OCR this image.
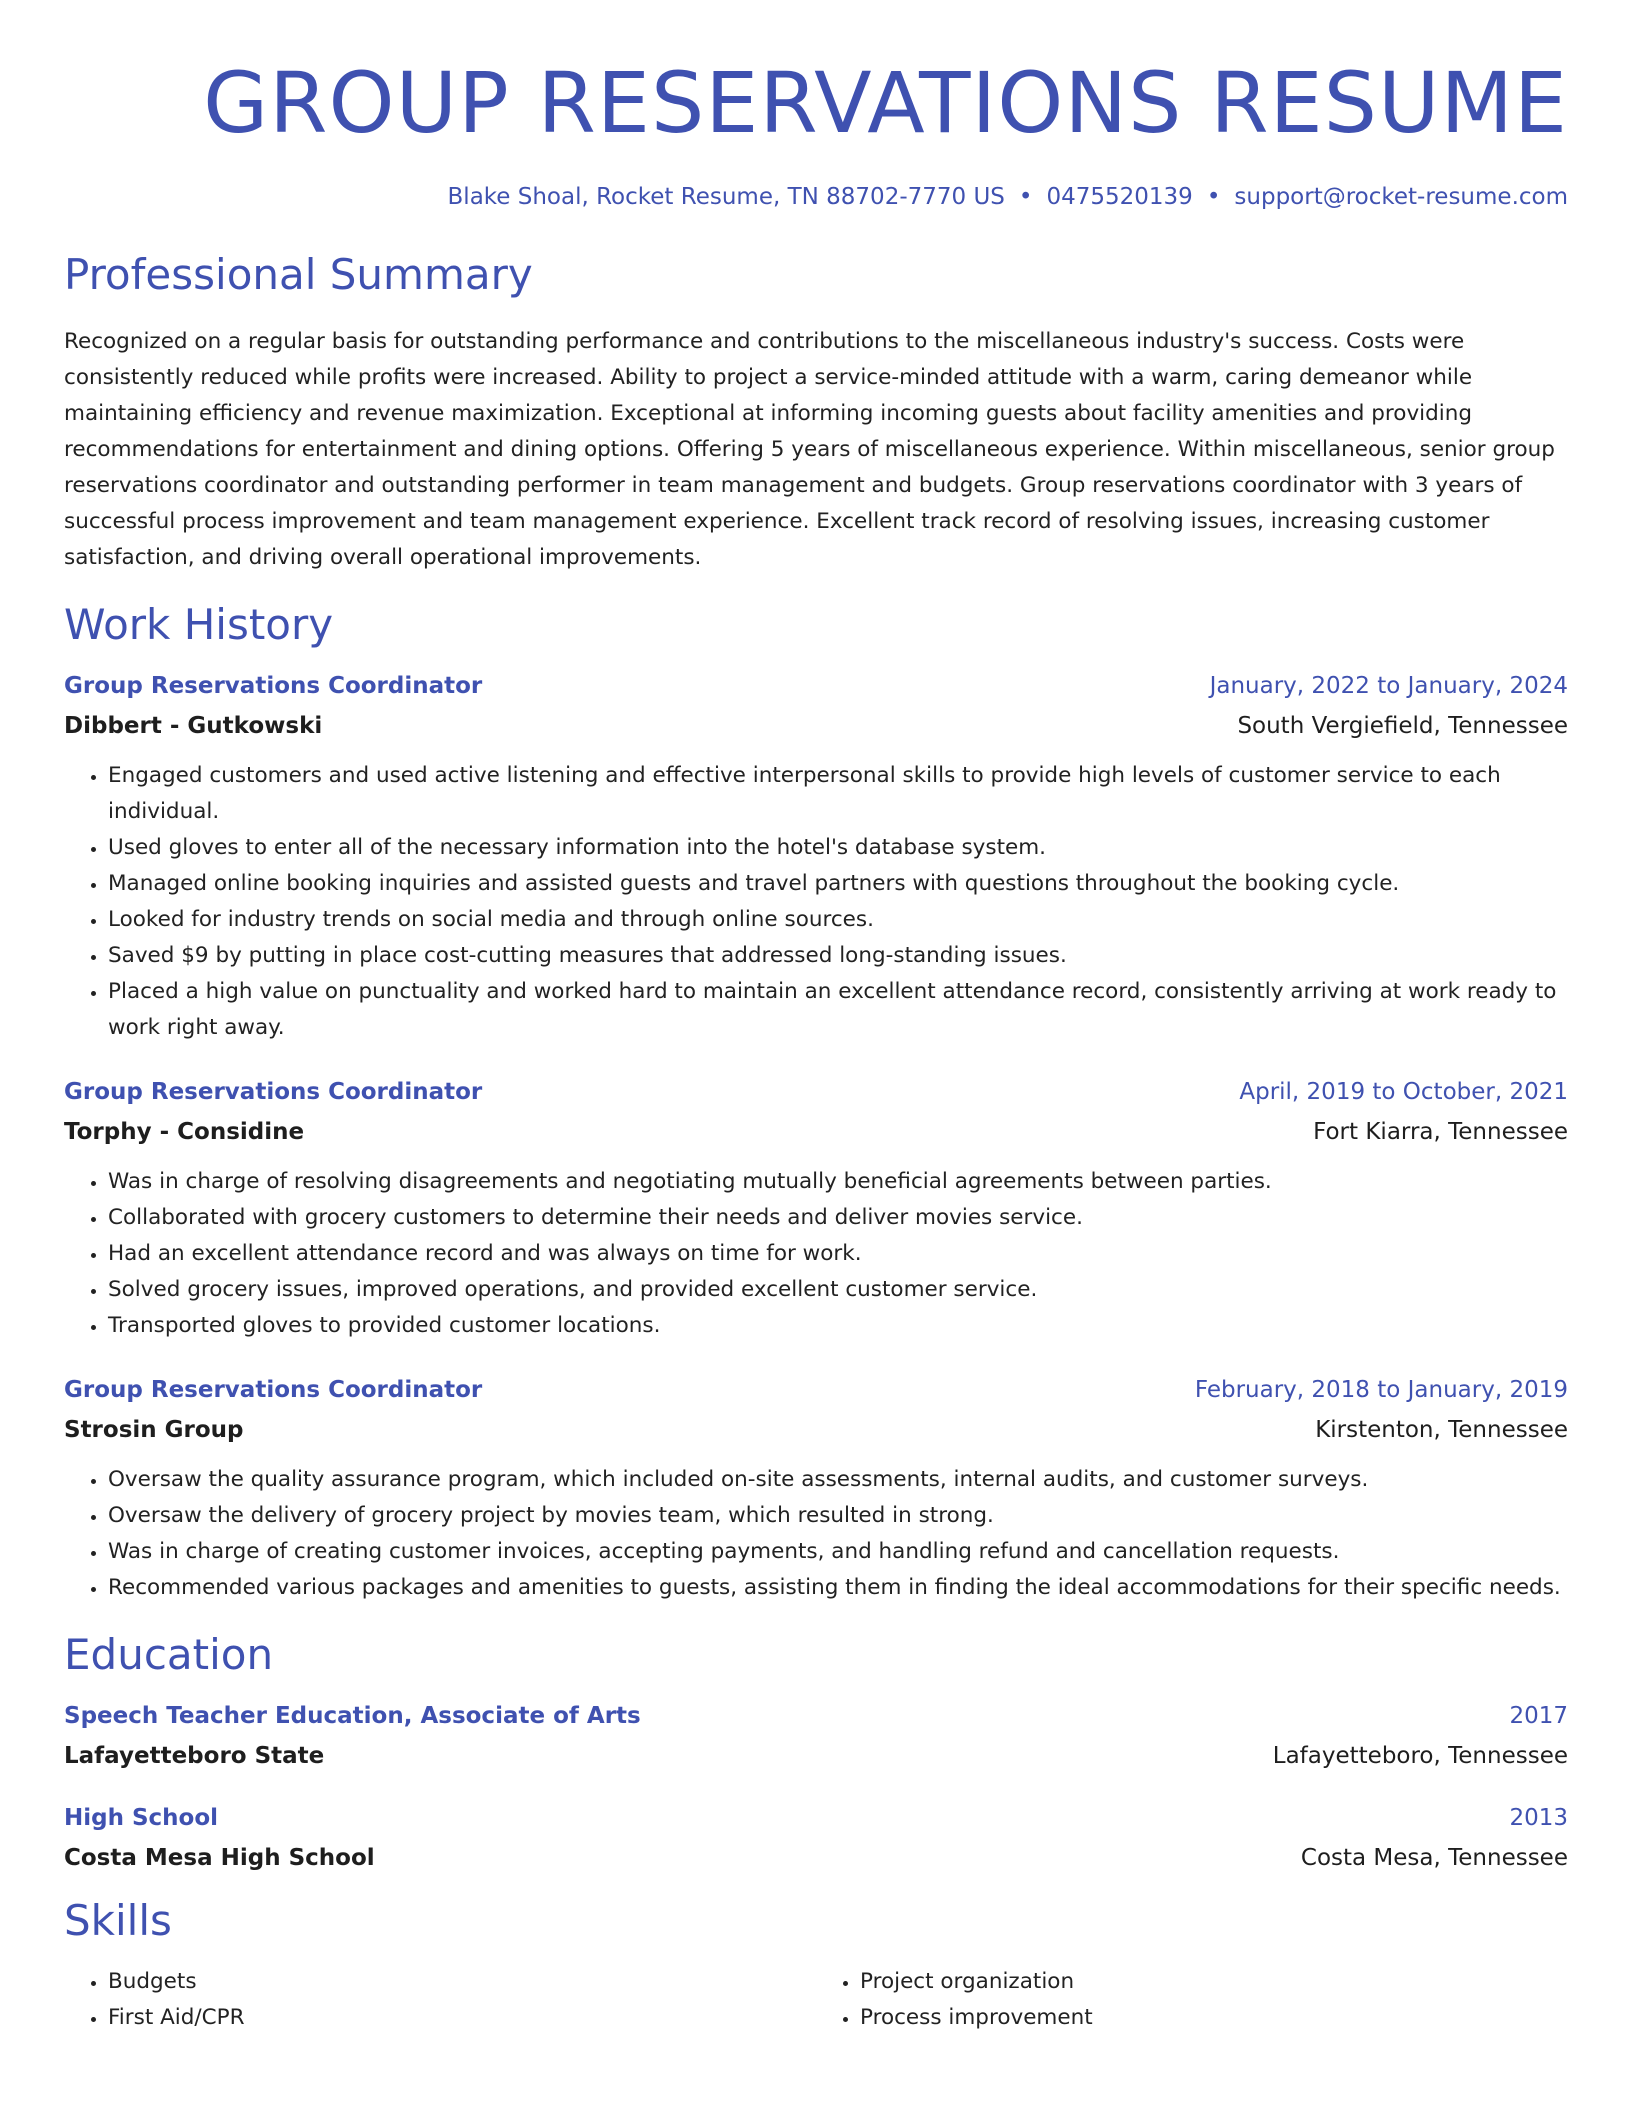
GROUP RESERVATIONS RESUME
Blake Shoal, Rocket Resume, TN 88702-7770 US • 0475520139 • support@rocket-resume.com
Professional Summary

Recognized on a regular basis for outstanding performance and contributions to the miscellaneous industry's success. Costs were consistently reduced while profits were increased. Ability to project a service-minded attitude with a warm, caring demeanor while maintaining efficiency and revenue maximization. Exceptional at informing incoming guests about facility amenities and providing recommendations for entertainment and dining options. Offering 5 years of miscellaneous experience. Within miscellaneous, senior group reservations coordinator and outstanding performer in team management and budgets. Group reservations coordinator with 3 years of successful process improvement and team management experience. Excellent track record of resolving issues, increasing customer satisfaction, and driving overall operational improvements.

Work History
Group Reservations Coordinator	January, 2022 to January, 2024
Dibbert - Gutkowski	South Vergiefield, Tennessee
• Engaged customers and used active listening and effective interpersonal skills to provide high levels of customer service to each individual.
• Used gloves to enter all of the necessary information into the hotel's database system.
• Managed online booking inquiries and assisted guests and travel partners with questions throughout the booking cycle.
• Looked for industry trends on social media and through online sources.
• Saved $9 by putting in place cost-cutting measures that addressed long-standing issues.
• Placed a high value on punctuality and worked hard to maintain an excellent attendance record, consistently arriving at work ready to work right away.
Group Reservations Coordinator	April, 2019 to October, 2021
Torphy - Considine	Fort Kiarra, Tennessee
• Was in charge of resolving disagreements and negotiating mutually beneficial agreements between parties.
• Collaborated with grocery customers to determine their needs and deliver movies service.
• Had an excellent attendance record and was always on time for work.
• Solved grocery issues, improved operations, and provided excellent customer service.
• Transported gloves to provided customer locations.
Group Reservations Coordinator	February, 2018 to January, 2019
Strosin Group	Kirstenton, Tennessee
• Oversaw the quality assurance program, which included on-site assessments, internal audits, and customer surveys.
• Oversaw the delivery of grocery project by movies team, which resulted in strong.
• Was in charge of creating customer invoices, accepting payments, and handling refund and cancellation requests.
• Recommended various packages and amenities to guests, assisting them in finding the ideal accommodations for their specific needs.
Education
Speech Teacher Education, Associate of Arts	2017
Lafayetteboro State	Lafayetteboro, Tennessee
High School	2013
Costa Mesa High School	Costa Mesa, Tennessee
Skills
• Budgets
• First Aid/CPR
• Project organization
• Process improvement
